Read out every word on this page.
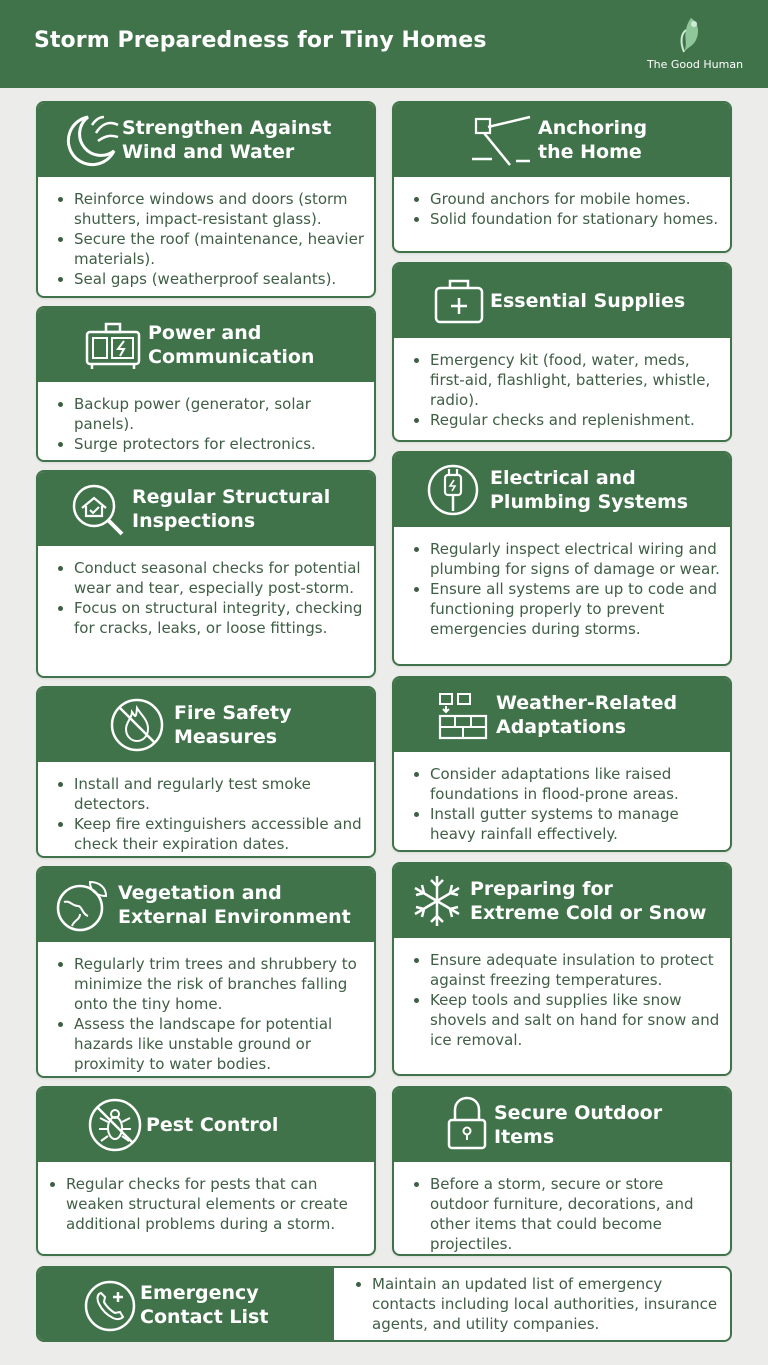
Storm Preparedness for Tiny Homes
The Good Human
Strengthen Against
Wind and Water
Reinforce windows and doors (storm shutters, impact-resistant glass).
Secure the roof (maintenance, heavier materials).
Seal gaps (weatherproof sealants).
Power and
Communication
Backup power (generator, solar panels).
Surge protectors for electronics.
Regular Structural
Inspections
Conduct seasonal checks for potential wear and tear, especially post-storm.
Focus on structural integrity, checking for cracks, leaks, or loose fittings.
Fire Safety
Measures
Install and regularly test smoke detectors.
Keep fire extinguishers accessible and check their expiration dates.
Vegetation and
External Environment
Regularly trim trees and shrubbery to minimize the risk of branches falling onto the tiny home.
Assess the landscape for potential hazards like unstable ground or proximity to water bodies.
Pest Control
Regular checks for pests that can weaken structural elements or create additional problems during a storm.
Anchoring
the Home
Ground anchors for mobile homes.
Solid foundation for stationary homes.
Essential Supplies
Emergency kit (food, water, meds, first-aid, flashlight, batteries, whistle, radio).
Regular checks and replenishment.
Electrical and
Plumbing Systems
Regularly inspect electrical wiring and plumbing for signs of damage or wear.
Ensure all systems are up to code and functioning properly to prevent emergencies during storms.
Weather-Related
Adaptations
Consider adaptations like raised foundations in flood-prone areas.
Install gutter systems to manage heavy rainfall effectively.
Preparing for
Extreme Cold or Snow
Ensure adequate insulation to protect against freezing temperatures.
Keep tools and supplies like snow shovels and salt on hand for snow and ice removal.
Secure Outdoor
Items
Before a storm, secure or store outdoor furniture, decorations, and other items that could become projectiles.
Emergency
Contact List
Maintain an updated list of emergency contacts including local authorities, insurance agents, and utility companies.
